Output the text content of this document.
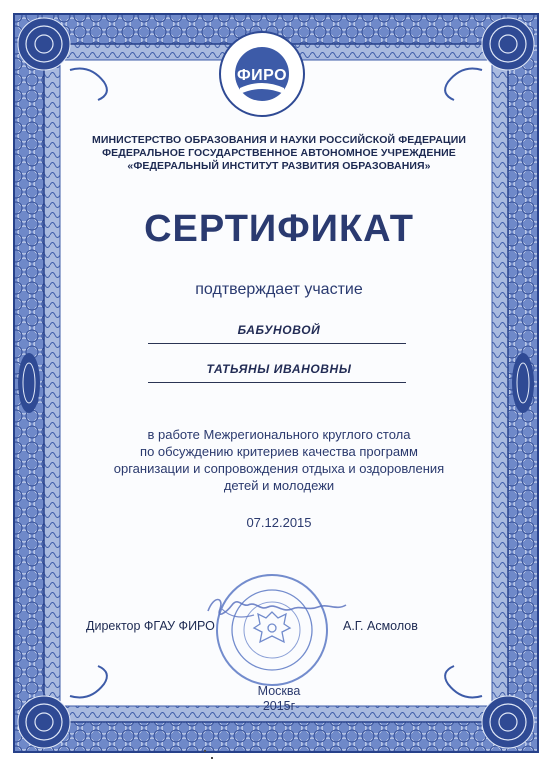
ФИРО
МИНИСТЕРСТВО ОБРАЗОВАНИЯ И НАУКИ РОССИЙСКОЙ ФЕДЕРАЦИИ
ФЕДЕРАЛЬНОЕ ГОСУДАРСТВЕННОЕ АВТОНОМНОЕ УЧРЕЖДЕНИЕ
«ФЕДЕРАЛЬНЫЙ ИНСТИТУТ РАЗВИТИЯ ОБРАЗОВАНИЯ»
СЕРТИФИКАТ
подтверждает участие
БАБУНОВОЙ
ТАТЬЯНЫ ИВАНОВНЫ
в работе Межрегионального круглого стола
по обсуждению критериев качества программ
организации и сопровождения отдыха и оздоровления
детей и молодежи
07.12.2015
Директор ФГАУ ФИРО	А.Г. Асмолов
Москва
2015г
